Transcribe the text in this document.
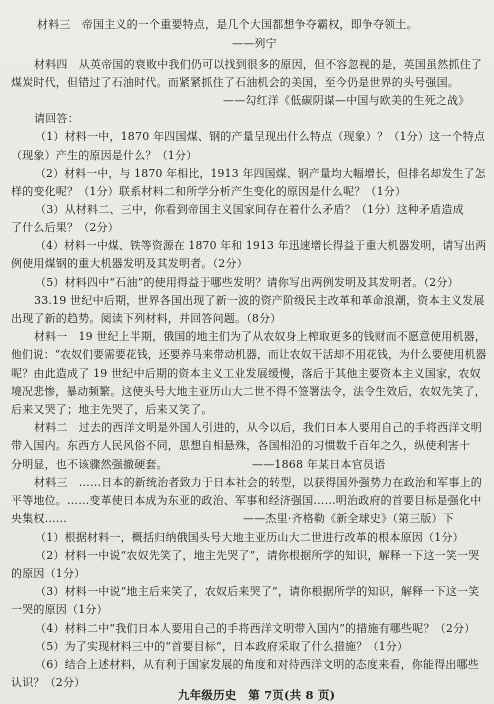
材料三　帝国主义的一个重要特点，是几个大国都想争夺霸权，即争夺领土。
——列宁
材料四　从英帝国的衰败中我们仍可以找到很多的原因，但不容忽视的是，英国虽然抓住了
煤炭时代，但错过了石油时代。而紧紧抓住了石油机会的美国，至今仍是世界的头号强国。
——勾红洋《低碳阴谋—中国与欧美的生死之战》
请回答：
（1）材料一中，1870 年四国煤、钢的产量呈现出什么特点（现象）？（1分）这一个特点
（现象）产生的原因是什么？（1分）
（2）材料一中，与 1870 年相比，1913 年四国煤、钢产量均大幅增长，但排名却发生了怎
样的变化呢？（1分）联系材料二和所学分析产生变化的原因是什么呢？（1分）
（3）从材料二、三中，你看到帝国主义国家间存在着什么矛盾？（1分）这种矛盾造成
了什么后果？（2分）
（4）材料一中煤、铁等资源在 1870 年和 1913 年迅速增长得益于重大机器发明，请写出两
例使用煤钢的重大机器发明及其发明者。（2分）
（5）材料四中“石油”的使用得益于哪些发明？请你写出两例发明及其发明者。（2分）
33.19 世纪中后期，世界各国出现了新一波的资产阶级民主改革和革命浪潮，资本主义发展
出现了新的趋势。阅读下列材料，并回答问题。（8分）
材料一　19 世纪上半期，俄国的地主们为了从农奴身上榨取更多的钱财而不愿意使用机器，
他们说：“农奴们要需要花钱，还要养马来带动机器，而让农奴干活却不用花钱，为什么要使用机器
呢？由此造成了 19 世纪中后期的资本主义工业发展缓慢，落后于其他主要资本主义国家，农奴
境况悲惨，暴动频繁。这使头号大地主亚历山大二世不得不签署法令，法令生效后，农奴先笑了，
后来又哭了；地主先哭了，后来又笑了。
材料二　过去的西洋文明是外国人引进的，从今以后，我们日本人要用自己的手将西洋文明
带入国内。东西方人民风俗不同，思想自相悬殊，各国相沿的习惯数千百年之久，纵使利害十
分明显，也不该骤然强撤硬套。	——1868 年某日本官员语
材料三　……日本的新统治者致力于日本社会的转型，以获得国外强势力在政治和军事上的
平等地位。……变革使日本成为东亚的政治、军事和经济强国……明治政府的首要目标是强化中
央集权……	——杰里·齐格勒《新全球史》（第三版）下
（1）根据材料一，概括归纳俄国头号大地主亚历山大二世进行改革的根本原因（1分）
（2）材料一中说“农奴先笑了，地主先哭了”，请你根据所学的知识，解释一下这一笑一哭
的原因（1分）
（3）材料一中说“地主后来笑了，农奴后来哭了”，请你根据所学的知识，解释一下这一笑
一哭的原因（1分）
（4）材料二中“我们日本人要用自己的手将西洋文明带入国内”的措施有哪些呢？（2分）
（5）为了实现材料三中的“首要目标”，日本政府采取了什么措施？（1分）
（6）结合上述材料，从有利于国家发展的角度和对待西洋文明的态度来看，你能得出哪些
认识？（2分）
九年级历史　第 7页(共 8 页)
